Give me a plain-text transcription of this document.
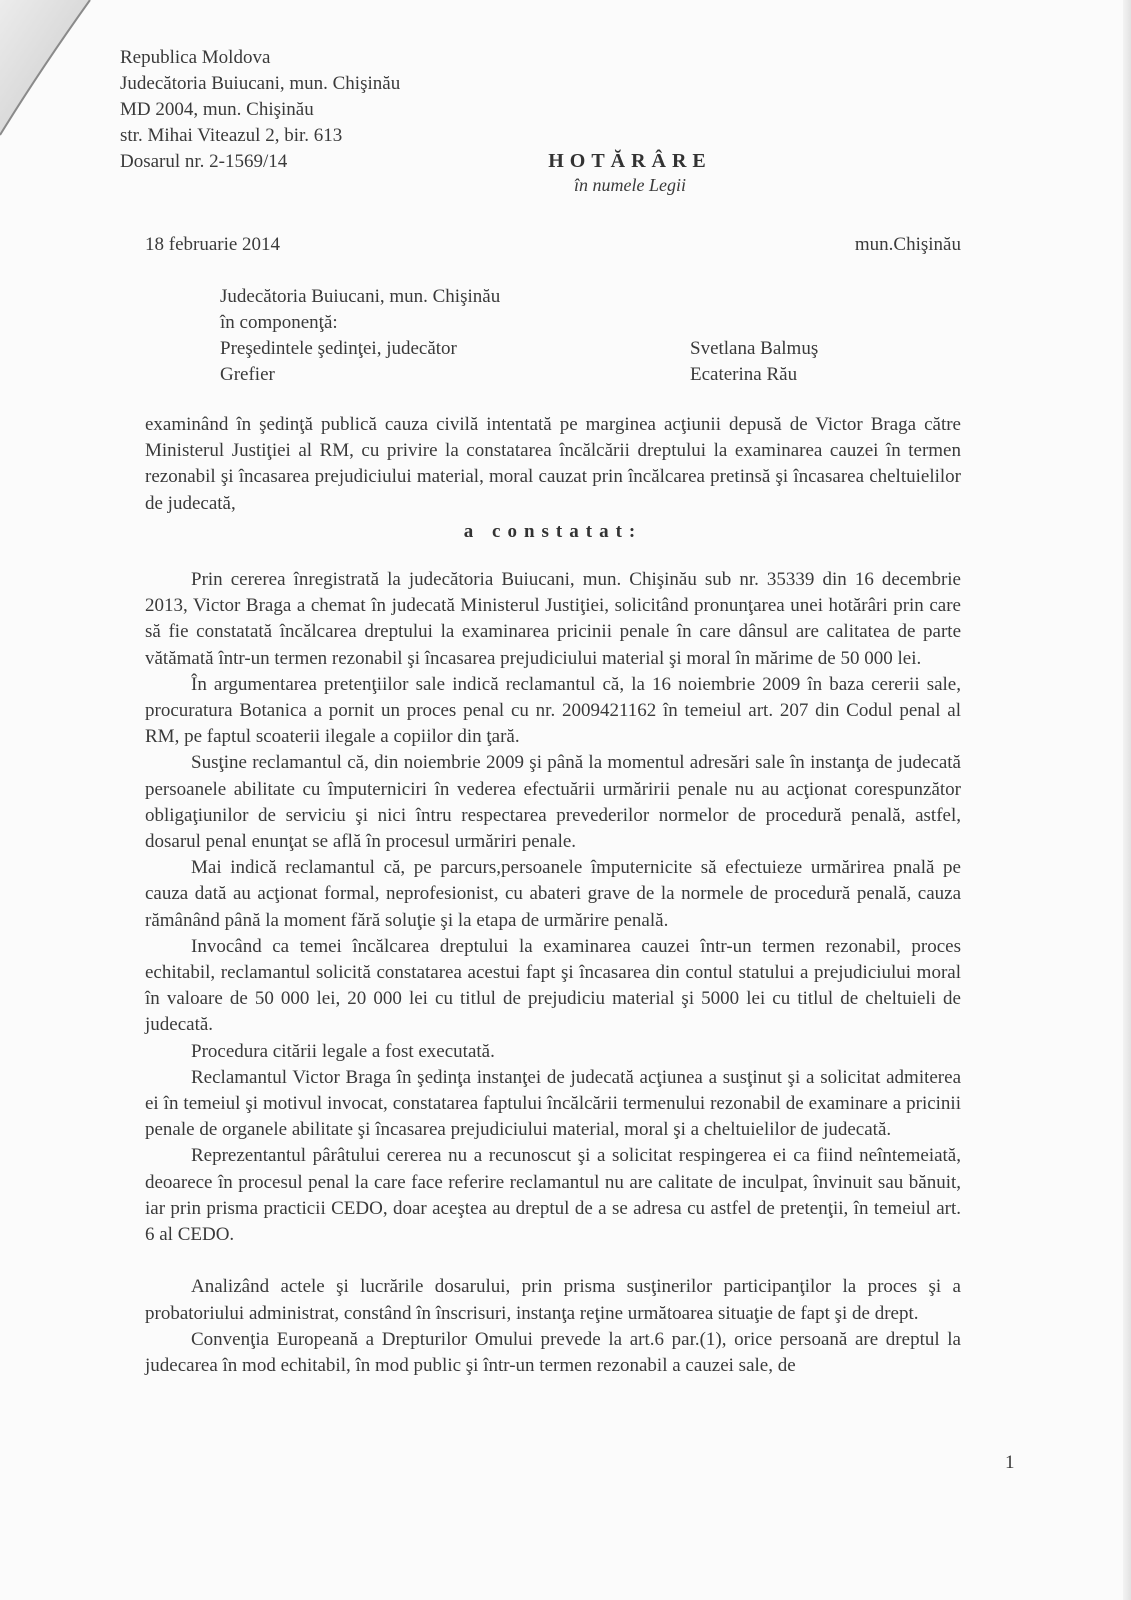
Republica Moldova
Judecătoria Buiucani, mun. Chişinău
MD 2004, mun. Chişinău
str. Mihai Viteazul 2, bir. 613
Dosarul nr. 2-1569/14	HOTĂRÂRE
în numele Legii
18 februarie 2014	mun.Chişinău
Judecătoria Buiucani, mun. Chişinău
în componenţă:
Preşedintele şedinţei, judecător	Svetlana Balmuş
Grefier	Ecaterina Rău

examinând în şedinţă publică cauza civilă intentată pe marginea acţiunii depusă de Victor Braga către Ministerul Justiţiei al RM, cu privire la constatarea încălcării dreptului la examinarea cauzei în termen rezonabil şi încasarea prejudiciului material, moral cauzat prin încălcarea pretinsă şi încasarea cheltuielilor de judecată,

a constatat:

Prin cererea înregistrată la judecătoria Buiucani, mun. Chişinău sub nr. 35339 din 16 decembrie 2013, Victor Braga a chemat în judecată Ministerul Justiţiei, solicitând pronunţarea unei hotărâri prin care să fie constatată încălcarea dreptului la examinarea pricinii penale în care dânsul are calitatea de parte vătămată într-un termen rezonabil şi încasarea prejudiciului material şi moral în mărime de 50 000 lei.

În argumentarea pretenţiilor sale indică reclamantul că, la 16 noiembrie 2009 în baza cererii sale, procuratura Botanica a pornit un proces penal cu nr. 2009421162 în temeiul art. 207 din Codul penal al RM, pe faptul scoaterii ilegale a copiilor din ţară.

Susţine reclamantul că, din noiembrie 2009 şi până la momentul adresări sale în instanţa de judecată persoanele abilitate cu împuterniciri în vederea efectuării urmăririi penale nu au acţionat corespunzător obligaţiunilor de serviciu şi nici întru respectarea prevederilor normelor de procedură penală, astfel, dosarul penal enunţat se află în procesul urmăriri penale.

Mai indică reclamantul că, pe parcurs,persoanele împuternicite să efectuieze urmărirea pnală pe cauza dată au acţionat formal, neprofesionist, cu abateri grave de la normele de procedură penală, cauza rămânând până la moment fără soluţie şi la etapa de urmărire penală.

Invocând ca temei încălcarea dreptului la examinarea cauzei într-un termen rezonabil, proces echitabil, reclamantul solicită constatarea acestui fapt şi încasarea din contul statului a prejudiciului moral în valoare de 50 000 lei, 20 000 lei cu titlul de prejudiciu material şi 5000 lei cu titlul de cheltuieli de judecată.

Procedura citării legale a fost executată.

Reclamantul Victor Braga în şedinţa instanţei de judecată acţiunea a susţinut şi a solicitat admiterea ei în temeiul şi motivul invocat, constatarea faptului încălcării termenului rezonabil de examinare a pricinii penale de organele abilitate şi încasarea prejudiciului material, moral şi a cheltuielilor de judecată.

Reprezentantul pârâtului cererea nu a recunoscut şi a solicitat respingerea ei ca fiind neîntemeiată, deoarece în procesul penal la care face referire reclamantul nu are calitate de inculpat, învinuit sau bănuit, iar prin prisma practicii CEDO, doar aceştea au dreptul de a se adresa cu astfel de pretenţii, în temeiul art. 6 al CEDO.

Analizând actele şi lucrările dosarului, prin prisma susţinerilor participanţilor la proces şi a probatoriului administrat, constând în înscrisuri, instanţa reţine următoarea situaţie de fapt şi de drept.

Convenţia Europeană a Drepturilor Omului prevede la art.6 par.(1), orice persoană are dreptul la judecarea în mod echitabil, în mod public şi într-un termen rezonabil a cauzei sale, de

1
